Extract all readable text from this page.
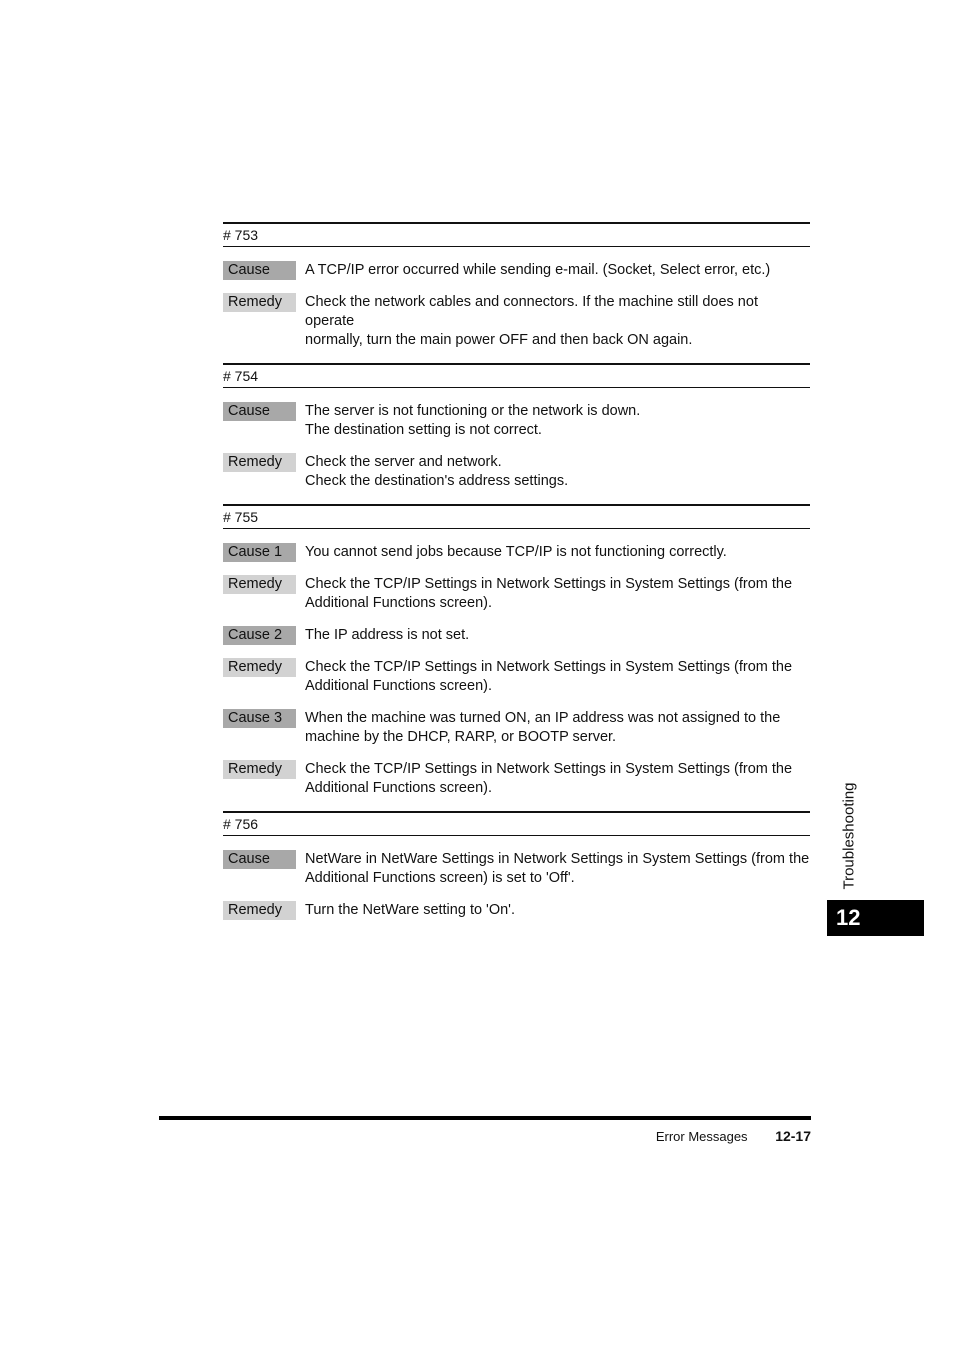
# 753
Cause	A TCP/IP error occurred while sending e-mail. (Socket, Select error, etc.)
Remedy	Check the network cables and connectors. If the machine still does not operate
normally, turn the main power OFF and then back ON again.
# 754
Cause	The server is not functioning or the network is down.
The destination setting is not correct.
Remedy	Check the server and network.
Check the destination's address settings.
# 755
Cause 1	You cannot send jobs because TCP/IP is not functioning correctly.
Remedy	Check the TCP/IP Settings in Network Settings in System Settings (from the
Additional Functions screen).
Cause 2	The IP address is not set.
Remedy	Check the TCP/IP Settings in Network Settings in System Settings (from the
Additional Functions screen).
Cause 3	When the machine was turned ON, an IP address was not assigned to the
machine by the DHCP, RARP, or BOOTP server.
Remedy	Check the TCP/IP Settings in Network Settings in System Settings (from the
Additional Functions screen).
# 756
Cause	NetWare in NetWare Settings in Network Settings in System Settings (from the
Additional Functions screen) is set to 'Off'.
Remedy	Turn the NetWare setting to 'On'.
Troubleshooting
12
Error Messages 12-17
